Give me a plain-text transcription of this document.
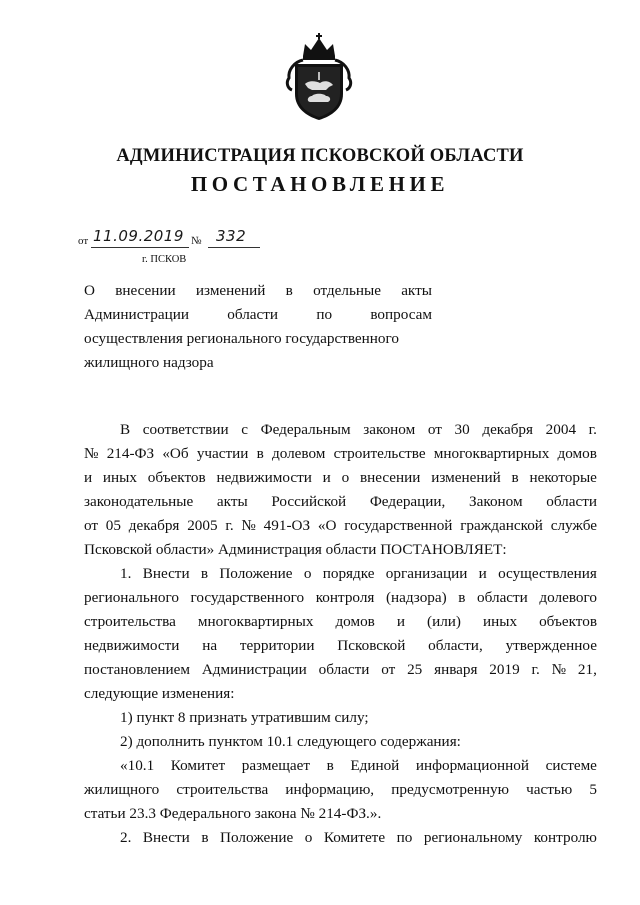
АДМИНИСТРАЦИЯ ПСКОВСКОЙ ОБЛАСТИ
ПОСТАНОВЛЕНИЕ
от 11.09.2019 № 332
г. ПСКОВ
О внесении изменений в отдельные акты
Администрации	области	по	вопросам
осуществления регионального государственного
жилищного надзора
В соответствии с Федеральным законом от 30 декабря 2004 г.
№ 214-ФЗ «Об участии в долевом строительстве многоквартирных домов
и иных объектов недвижимости и о внесении изменений в некоторые
законодательные акты Российской Федерации, Законом области
от 05 декабря 2005 г. № 491-ОЗ «О государственной гражданской службе
Псковской области» Администрация области ПОСТАНОВЛЯЕТ:
1. Внести в Положение о порядке организации и осуществления
регионального государственного контроля (надзора) в области долевого
строительства многоквартирных домов и (или) иных объектов
недвижимости на территории Псковской области, утвержденное
постановлением Администрации области от 25 января 2019 г. № 21,
следующие изменения:
1) пункт 8 признать утратившим силу;
2) дополнить пунктом 10.1 следующего содержания:
«10.1 Комитет размещает в Единой информационной системе
жилищного строительства информацию, предусмотренную частью 5
статьи 23.3 Федерального закона № 214-ФЗ.».
2. Внести в Положение о Комитете по региональному контролю
